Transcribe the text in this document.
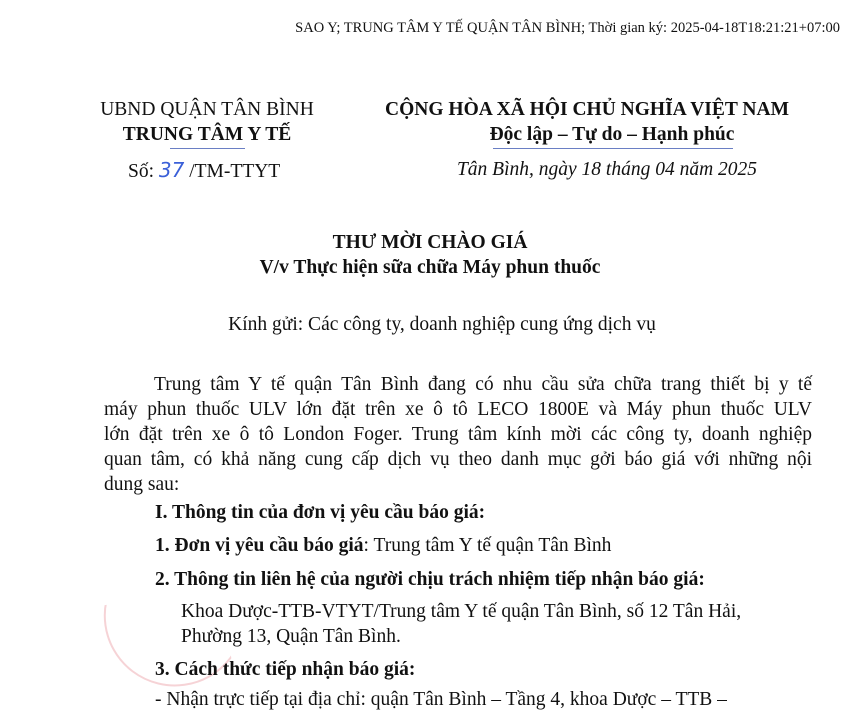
SAO Y; TRUNG TÂM Y TẾ QUẬN TÂN BÌNH; Thời gian ký: 2025-04-18T18:21:21+07:00
UBND QUẬN TÂN BÌNH
TRUNG TÂM Y TẾ
Số: 37 /TM-TTYT
CỘNG HÒA XÃ HỘI CHỦ NGHĨA VIỆT NAM
Độc lập – Tự do – Hạnh phúc
Tân Bình, ngày 18 tháng 04 năm 2025
THƯ MỜI CHÀO GIÁ
V/v Thực hiện sữa chữa Máy phun thuốc
Kính gửi: Các công ty, doanh nghiệp cung ứng dịch vụ
Trung tâm Y tế quận Tân Bình đang có nhu cầu sửa chữa trang thiết bị y tế
máy phun thuốc ULV lớn đặt trên xe ô tô LECO 1800E và Máy phun thuốc ULV
lớn đặt trên xe ô tô London Foger. Trung tâm kính mời các công ty, doanh nghiệp
quan tâm, có khả năng cung cấp dịch vụ theo danh mục gởi báo giá với những nội
dung sau:
I. Thông tin của đơn vị yêu cầu báo giá:
1. Đơn vị yêu cầu báo giá: Trung tâm Y tế quận Tân Bình
2. Thông tin liên hệ của người chịu trách nhiệm tiếp nhận báo giá:
Khoa Dược-TTB-VTYT/Trung tâm Y tế quận Tân Bình, số 12 Tân Hải,
Phường 13, Quận Tân Bình.
3. Cách thức tiếp nhận báo giá:
- Nhận trực tiếp tại địa chỉ: quận Tân Bình – Tầng 4, khoa Dược – TTB –
